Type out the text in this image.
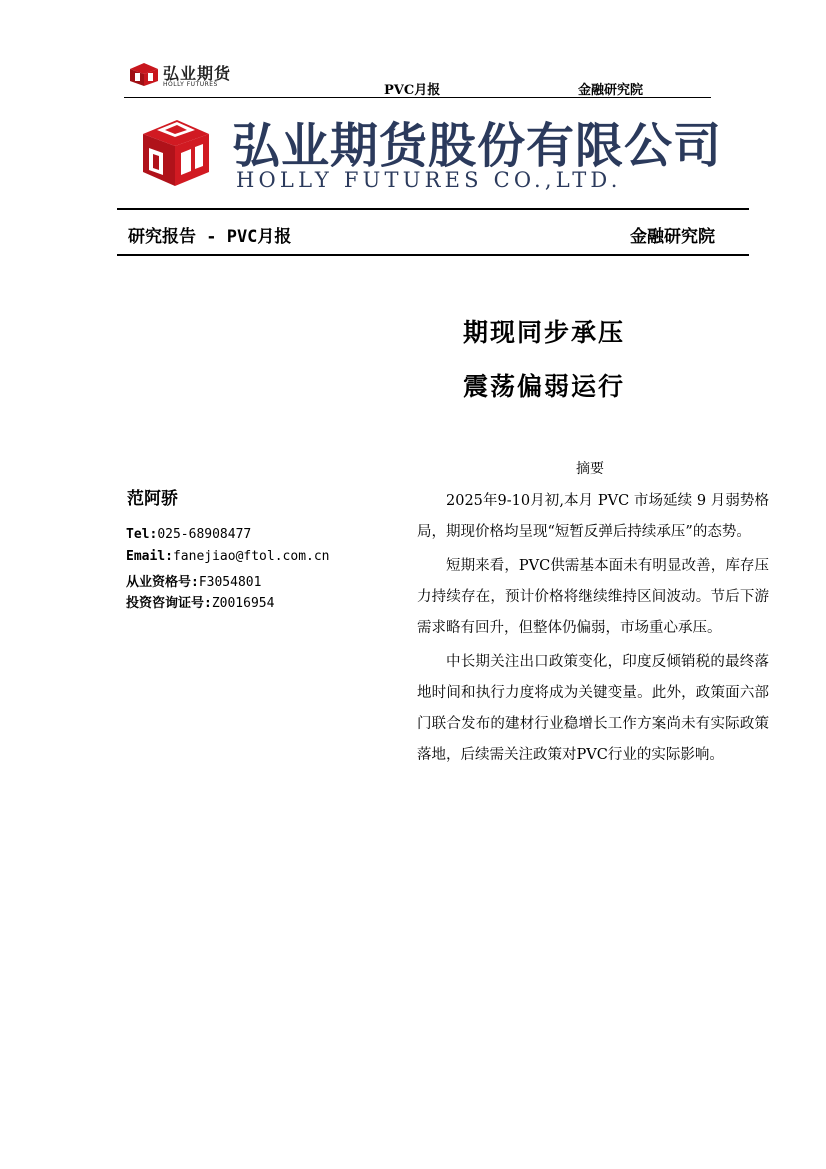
弘业期货
HOLLY FUTURES	PVC月报	金融研究院
弘业期货股份有限公司
HOLLY FUTURES CO.,LTD.
研究报告 - PVC月报	金融研究院
期现同步承压
震荡偏弱运行
范阿骄
Tel:025-68908477
Email:fanejiao@ftol.com.cn
从业资格号:F3054801
投资咨询证号:Z0016954
摘要

2025年9-10月初,本月 PVC 市场延续 9 月弱势格局，期现价格均呈现“短暂反弹后持续承压”的态势。

短期来看，PVC供需基本面未有明显改善，库存压力持续存在，预计价格将继续维持区间波动。节后下游需求略有回升，但整体仍偏弱，市场重心承压。

中长期关注出口政策变化，印度反倾销税的最终落地时间和执行力度将成为关键变量。此外，政策面六部门联合发布的建材行业稳增长工作方案尚未有实际政策落地，后续需关注政策对PVC行业的实际影响。
